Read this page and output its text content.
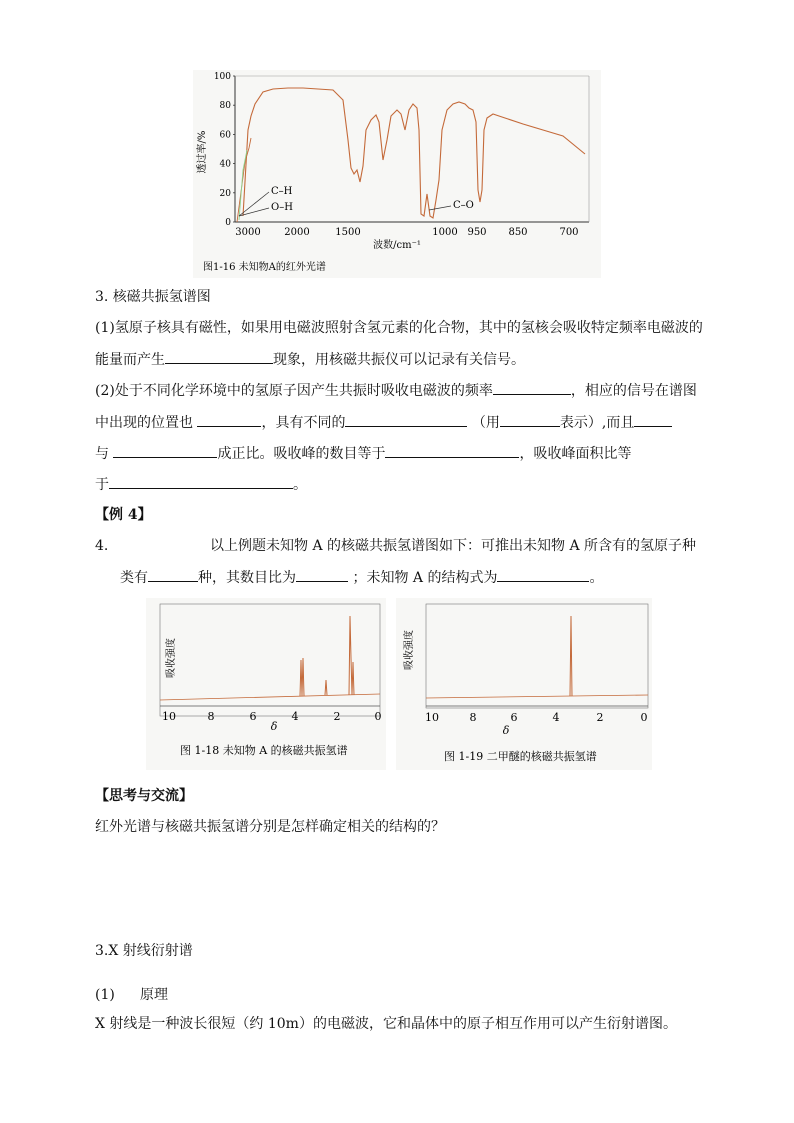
100
80
60
40
20
0
透过率/%
C–H
O–H	C–O
3000 2000	1500	1000 950 850	700
波数/cm⁻¹
图1-16 未知物A的红外光谱
3. 核磁共振氢谱图
(1)氢原子核具有磁性，如果用电磁波照射含氢元素的化合物，其中的氢核会吸收特定频率电磁波的
能量而产生	现象，用核磁共振仪可以记录有关信号。
(2)处于不同化学环境中的氢原子因产生共振时吸收电磁波的频率	，相应的信号在谱图
中出现的位置也	，具有不同的	（用	表示）,而且
与	成正比。吸收峰的数目等于	，吸收峰面积比等
于	。
【例 4】
4.	以上例题未知物 A 的核磁共振氢谱图如下：可推出未知物 A 所含有的氢原子种
类有	种，其数目比为	；未知物 A 的结构式为	。
吸收强度
10	8	6	4	2	0
δ
图 1-18 未知物 A 的核磁共振氢谱
吸收强度
10	8	6	4	2	0
δ
图 1-19 二甲醚的核磁共振氢谱
【思考与交流】
红外光谱与核磁共振氢谱分别是怎样确定相关的结构的？
3.X 射线衍射谱
(1) 原理
X 射线是一种波长很短（约 10m）的电磁波，它和晶体中的原子相互作用可以产生衍射谱图。
